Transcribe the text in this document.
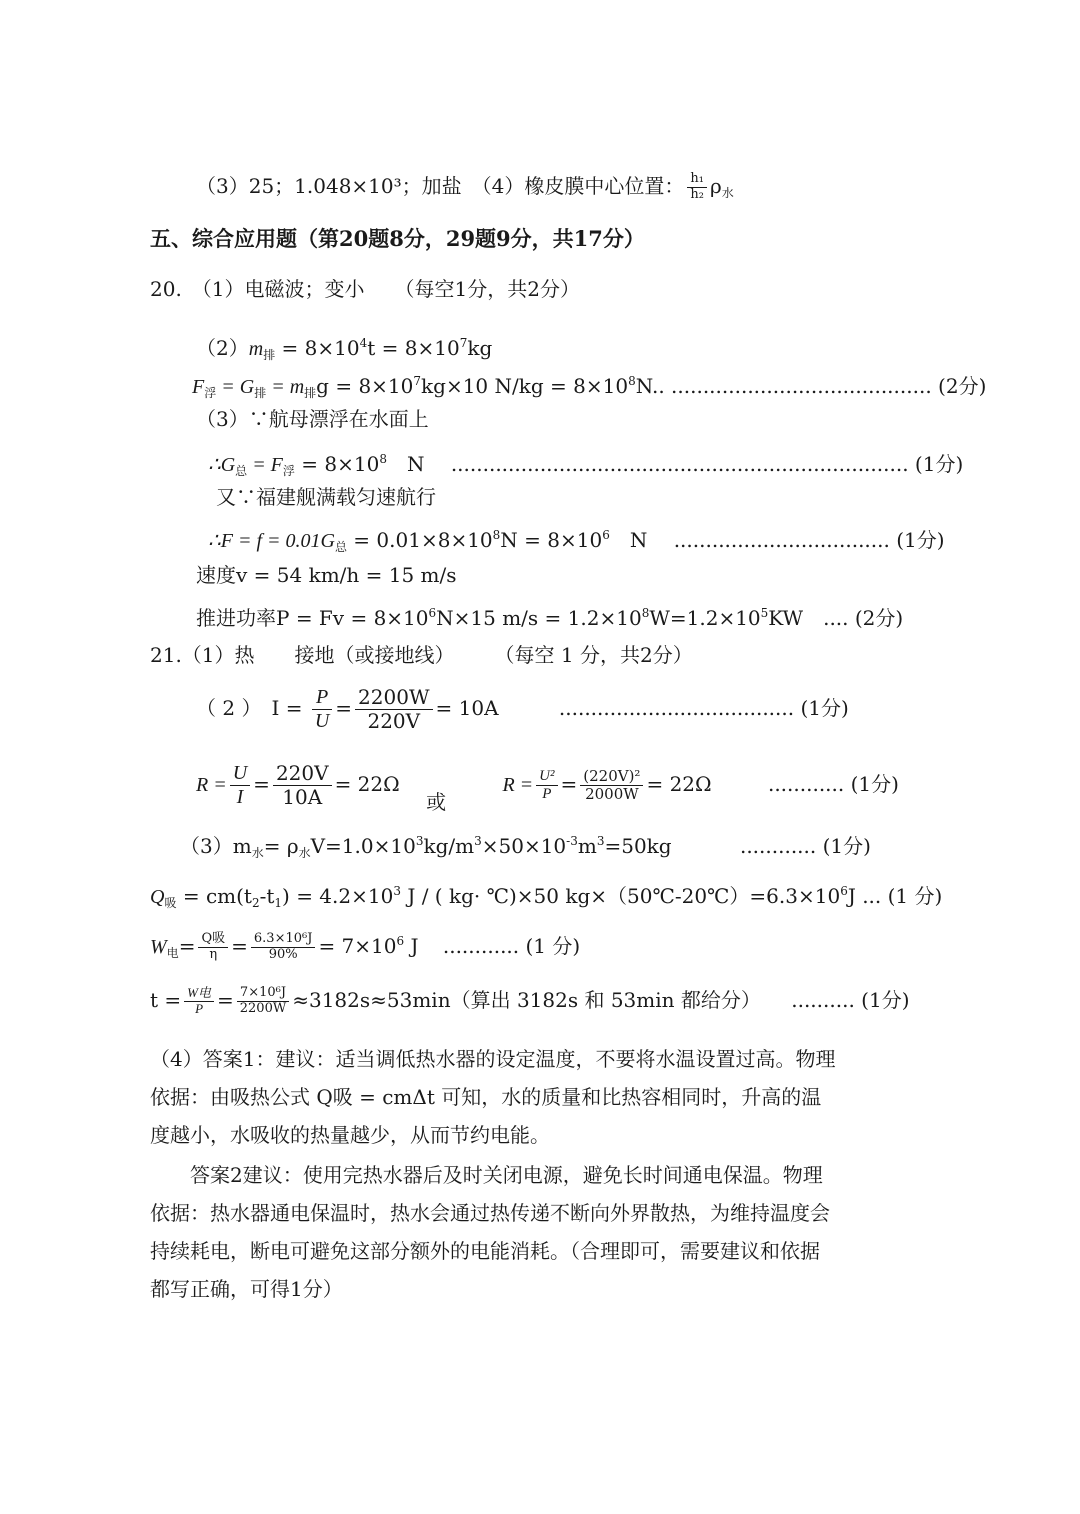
（3）25；1.048×10³；加盐　（4）橡皮膜中心位置： $\frac{\text{h₁}}{\text{h₂}} \rho_水$
五、综合应用题（第20题8分，29题9分，共17分）
20.　（1）电磁波；变小　　（每空1分，共2分）
$(2)m_排 = 8\times 10^4t = 8\times 10^7kg$
$F_浮 = G_排 = m_排g = 8\times 10^7kg\times 10$ $N/kg = 8\times 10^8N$.. ......................................... (2分)
（3）∵航母漂浮在水面上
$\therefore G_总 = F_浮 = 8\times 10^8$　N　 ........................................................................ (1分)
又∵福建舰满载匀速航行
∴F = $f = 0.01G_总 = 0.01\times 8\times 10^8N = 8\times 10^6$　N　 .................................. (1分)
速度v = 54 km/h = 15 m/s
推进功率$P = Fv = 8\times 10^6N\times 15$ $m/s = 1.2\times 10^8W=1.2\times 10^5KW$　.... (2分)
21.（1）热　　接地（或接地线）　　　（每空 1 分，共2分）
（ 2 ）　$I = \frac{P}{U} = \frac{2200W}{220V} = 10A$	..................................... (1分)
$R = \frac{U}{I} = \frac{220V}{10A} = 22\Omega$ 或 $R = \frac{\text{U²}}{P} = \frac{\text{(220V)²}}{2000W} = 22\Omega$	............ (1分)
$(3)m_水= \rho_水V=1.0\times 10^3kg/m^3\times 50\times 10^{-3}m^3=50kg$	............ (1分)
$Q_吸 = cm(t_2-t_1) = 4.2\times 10^3$ J / ( kg· ℃)×50 $kg\times(50℃-20℃)=6.3\times 10^6J$ ... (1 分)
$W_电= \frac{\text{Q吸}}{\eta} = \frac{\text{6.3×10⁶J}}{90\%} = 7\times 10^6$ J ............ (1 分)
$t = \frac{\text{W电}}{P} = \frac{\text{7×10⁶J}}{2200W} \approx 3182s\approx 53\min$（算出 3182s 和 53min 都给分） .......... (1分)
（4）答案1：建议：适当调低热水器的设定温度，不要将水温设置过高。物理
依据：由吸热公式 Q吸 = cmΔt 可知，水的质量和比热容相同时，升高的温
度越小，水吸收的热量越少，从而节约电能。
　答案2建议：使用完热水器后及时关闭电源，避免长时间通电保温。物理
依据：热水器通电保温时，热水会通过热传递不断向外界散热，为维持温度会
持续耗电，断电可避免这部分额外的电能消耗。（合理即可，需要建议和依据
都写正确，可得1分）
